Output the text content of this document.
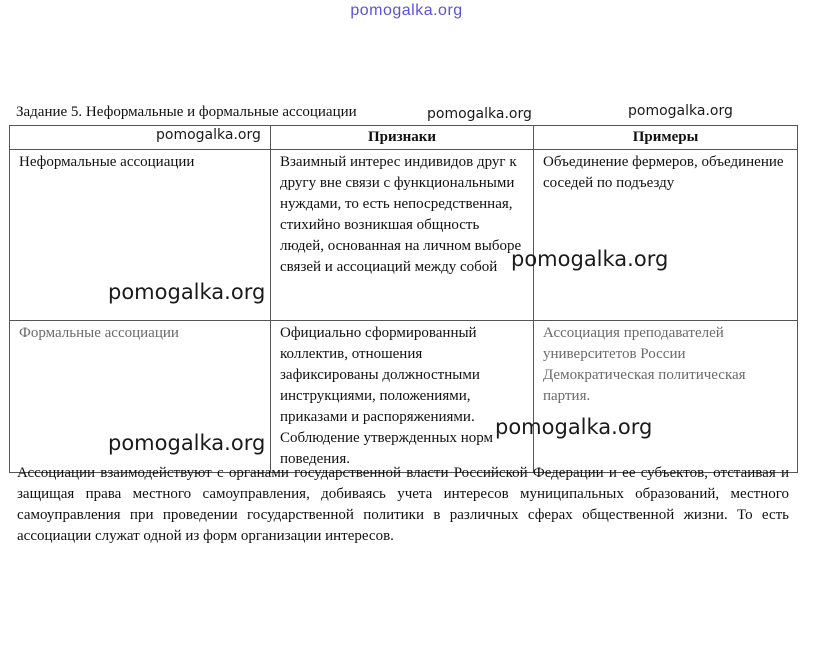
pomogalka.org
Задание 5. Неформальные и формальные ассоциации
	Признаки	Примеры
Неформальные ассоциации	Взаимный интерес индивидов друг к другу вне связи с функциональными нуждами, то есть непосредственная, стихийно возникшая общность людей, основанная на личном выборе связей и ассоциаций между собой	Объединение фермеров, объединение соседей по подъезду
Формальные ассоциации	Официально сформированный коллектив, отношения зафиксированы должностными инструкциями, положениями, приказами и распоряжениями. Соблюдение утвержденных норм поведения.	Ассоциация преподавателей университетов России Демократическая политическая партия.

Ассоциации взаимодействуют с органами государственной власти Российской Федерации и ее субъектов, отстаивая и защищая права местного самоуправления, добиваясь учета интересов муниципальных образований, местного самоуправления при проведении государственной политики в различных сферах общественной жизни. То есть ассоциации служат одной из форм организации интересов.

pomogalka.org	pomogalka.org
pomogalka.org
pomogalka.org
pomogalka.org
pomogalka.org
pomogalka.org
